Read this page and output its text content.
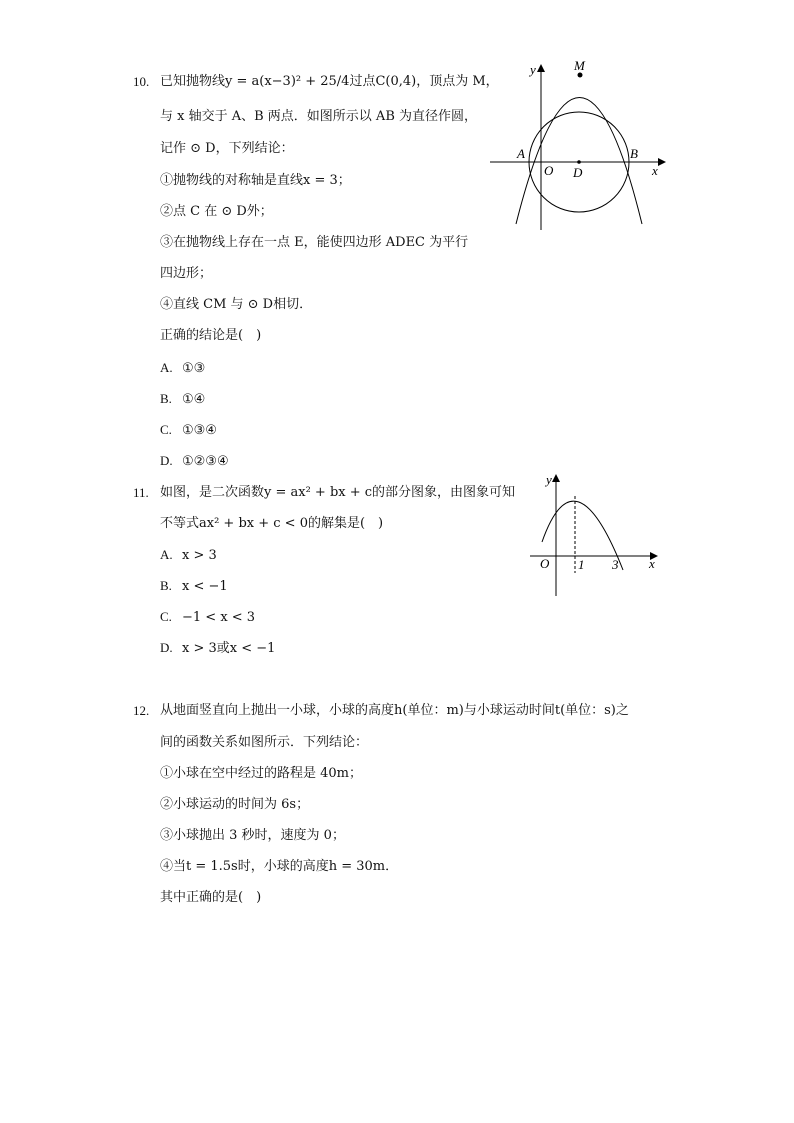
10. 已知抛物线y = a(x−3)² + 25/4过点C(0,4)，顶点为 M，
与 x 轴交于 A、B 两点．如图所示以 AB 为直径作圆，
记作 ⊙ D，下列结论：
①抛物线的对称轴是直线x = 3；
②点 C 在 ⊙ D外；
③在抛物线上存在一点 E，能使四边形 ADEC 为平行
四边形；
④直线 CM 与 ⊙ D相切．
正确的结论是(　)
A. ①③
B. ①④
C. ①③④
D. ①②③④
y
x
M
A	B
O D
11. 如图，是二次函数y = ax² + bx + c的部分图象，由图象可知
不等式ax² + bx + c < 0的解集是(　)
A. x > 3
B. x < −1
C. −1 < x < 3
D. x > 3或x < −1
y
x
O 1 3
12. 从地面竖直向上抛出一小球，小球的高度h(单位：m)与小球运动时间t(单位：s)之
间的函数关系如图所示．下列结论：
①小球在空中经过的路程是 40m；
②小球运动的时间为 6s；
③小球抛出 3 秒时，速度为 0；
④当t = 1.5s时，小球的高度h = 30m．
其中正确的是(　)
